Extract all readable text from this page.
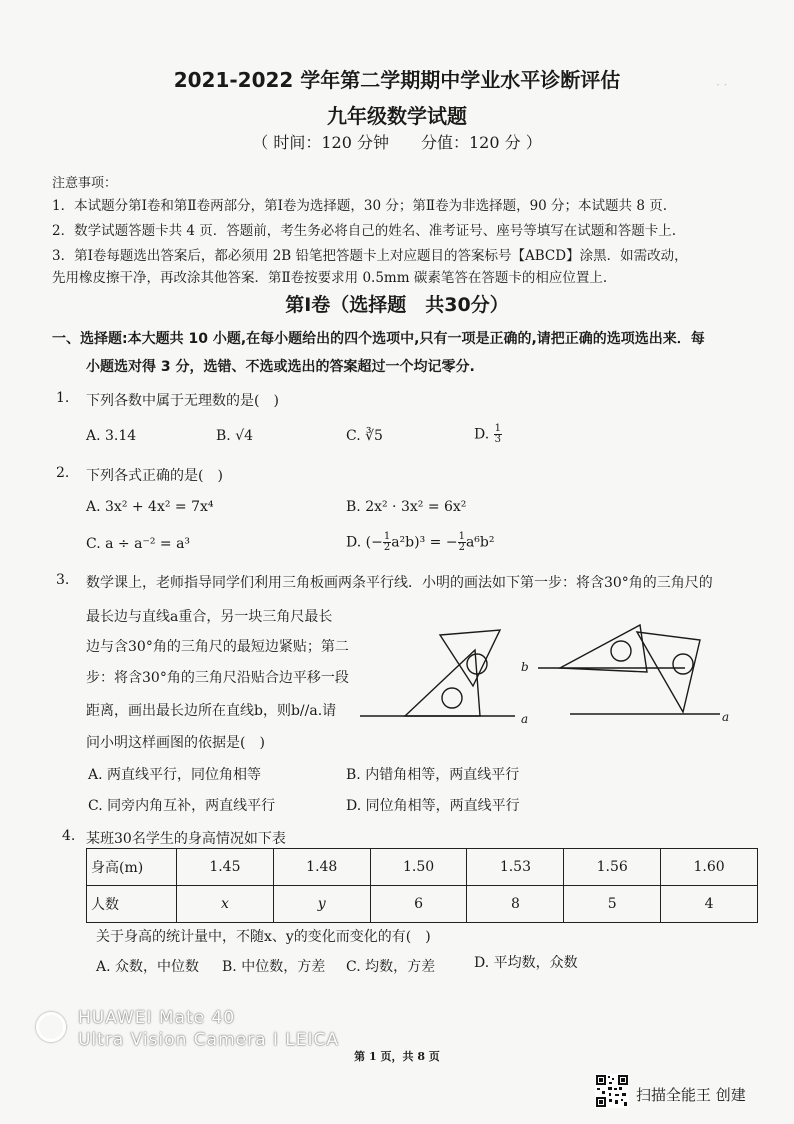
2021-2022 学年第二学期期中学业水平诊断评估
九年级数学试题
（ 时间：120 分钟　　分值：120 分 ）
· ·
注意事项：
1．本试题分第Ⅰ卷和第Ⅱ卷两部分，第Ⅰ卷为选择题，30 分；第Ⅱ卷为非选择题，90 分；本试题共 8 页.
2．数学试题答题卡共 4 页．答题前，考生务必将自己的姓名、准考证号、座号等填写在试题和答题卡上.
3．第Ⅰ卷每题选出答案后，都必须用 2B 铅笔把答题卡上对应题目的答案标号【ABCD】涂黑．如需改动，
先用橡皮擦干净，再改涂其他答案．第Ⅱ卷按要求用 0.5mm 碳素笔答在答题卡的相应位置上.
第Ⅰ卷（选择题　共30分）
一、选择题:本大题共 10 小题,在每小题给出的四个选项中,只有一项是正确的,请把正确的选项选出来．每
小题选对得 3 分，选错、不选或选出的答案超过一个均记零分.
1. 下列各数中属于无理数的是(　)
A. 3.14	B. √4	C. ∛5	D. $\frac{1}{3}$
2. 下列各式正确的是(　)
A. 3x² + 4x² = 7x⁴	B. 2x² · 3x² = 6x²
C. a ÷ a⁻² = a³	D. (− $\frac{1}{2} a^2b)^3$ = − $\frac{1}{2} a^6b^2$
3. 数学课上，老师指导同学们利用三角板画两条平行线．小明的画法如下第一步：将含30°角的三角尺的
最长边与直线a重合，另一块三角尺最长
边与含30°角的三角尺的最短边紧贴；第二
步：将含30°角的三角尺沿贴合边平移一段
距离，画出最长边所在直线b，则b//a.请
问小明这样画图的依据是(　)
A. 两直线平行，同位角相等	B. 内错角相等，两直线平行
C. 同旁内角互补，两直线平行	D. 同位角相等，两直线平行
a
b
a
4. 某班30名学生的身高情况如下表
身高(m)	1.45	1.48	1.50	1.53	1.56	1.60
人数	x	y	6	8	5	4
关于身高的统计量中，不随x、y的变化而变化的有(　)
A. 众数，中位数 B. 中位数，方差 C. 均数，方差	D. 平均数，众数
HUAWEI Mate 40
Ultra Vision Camera I LEICA
第 1 页，共 8 页
扫描全能王 创建
